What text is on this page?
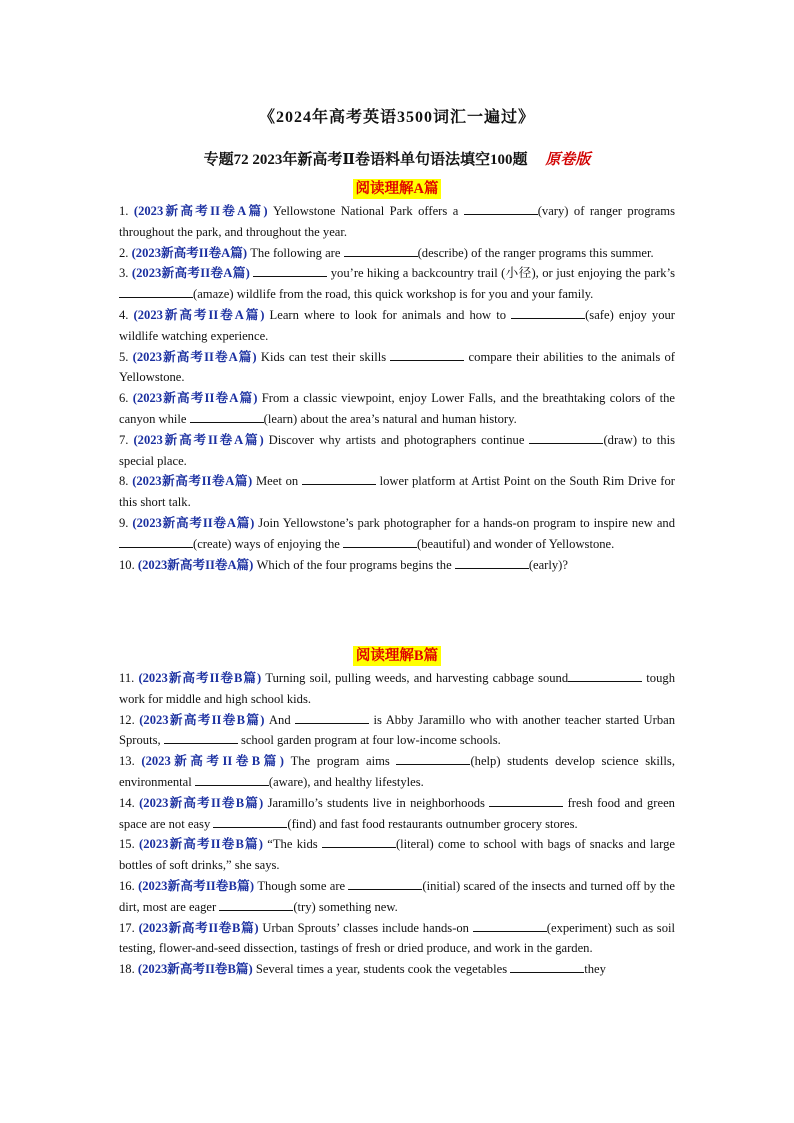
《2024年高考英语3500词汇一遍过》
专题72 2023年新高考Ⅱ卷语料单句语法填空100题 原卷版
阅读理解A篇

1. (2023新高考II卷A篇) Yellowstone National Park offers a	(vary) of ranger programs throughout the park, and throughout the year.

2. (2023新高考II卷A篇) The following are	(describe) of the ranger programs this summer.

3. (2023新高考II卷A篇)	you’re hiking a backcountry trail (小径), or just enjoying the park’s (amaze) wildlife from the road, this quick workshop is for you and your family.

4. (2023新高考II卷A篇) Learn where to look for animals and how to	(safe) enjoy your wildlife watching experience.

5. (2023新高考II卷A篇) Kids can test their skills	compare their abilities to the animals of Yellowstone.

6. (2023新高考II卷A篇) From a classic viewpoint, enjoy Lower Falls, and the breathtaking colors of the canyon while	(learn) about the area’s natural and human history.

7. (2023新高考II卷A篇) Discover why artists and photographers continue	(draw) to this special place.

8. (2023新高考II卷A篇) Meet on	lower platform at Artist Point on the South Rim Drive for this short talk.

9. (2023新高考II卷A篇) Join Yellowstone’s park photographer for a hands-on program to inspire new and (create) ways of enjoying the	(beautiful) and wonder of Yellowstone.

10. (2023新高考II卷A篇) Which of the four programs begins the	(early)?

阅读理解B篇

11. (2023新高考II卷B篇) Turning soil, pulling weeds, and harvesting cabbage sound	tough work for middle and high school kids.

12. (2023新高考II卷B篇) And	is Abby Jaramillo who with another teacher started Urban Sprouts,	school garden program at four low-income schools.

13. (2023新高考II卷B篇) The program aims	(help) students develop science skills, environmental	(aware), and healthy lifestyles.

14. (2023新高考II卷B篇) Jaramillo’s students live in neighborhoods	fresh food and green space are not easy	(find) and fast food restaurants outnumber grocery stores.

15. (2023新高考II卷B篇) “The kids	(literal) come to school with bags of snacks and large bottles of soft drinks,” she says.

16. (2023新高考II卷B篇) Though some are	(initial) scared of the insects and turned off by the dirt, most are eager	(try) something new.

17. (2023新高考II卷B篇) Urban Sprouts’ classes include hands-on	(experiment) such as soil testing, flower-and-seed dissection, tastings of fresh or dried produce, and work in the garden.

18. (2023新高考II卷B篇) Several times a year, students cook the vegetables	they
